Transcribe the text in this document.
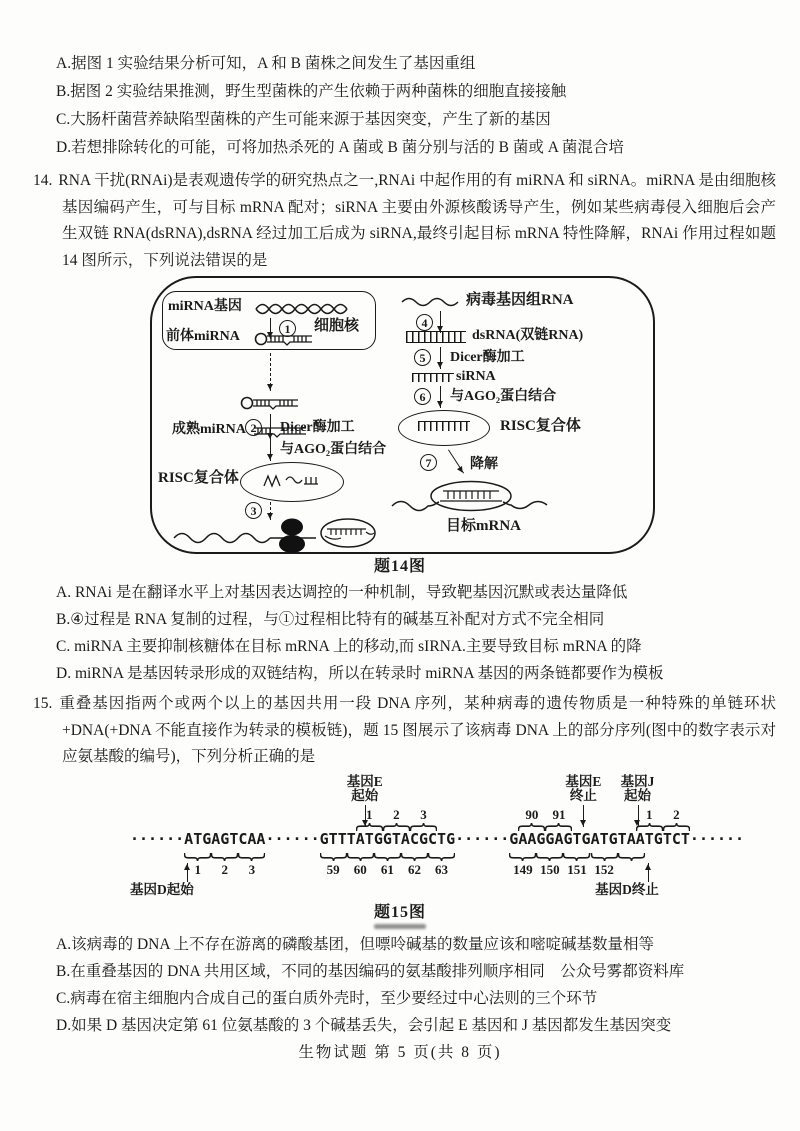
A.据图 1 实验结果分析可知，A 和 B 菌株之间发生了基因重组
B.据图 2 实验结果推测，野生型菌株的产生依赖于两种菌株的细胞直接接触
C.大肠杆菌营养缺陷型菌株的产生可能来源于基因突变，产生了新的基因
D.若想排除转化的可能，可将加热杀死的 A 菌或 B 菌分别与活的 B 菌或 A 菌混合培

14. RNA 干扰(RNAi)是表观遗传学的研究热点之一,RNAi 中起作用的有 miRNA 和 siRNA。miRNA 是由细胞核基因编码产生，可与目标 mRNA 配对；siRNA 主要由外源核酸诱导产生，例如某些病毒侵入细胞后会产生双链 RNA(dsRNA),dsRNA 经过加工后成为 siRNA,最终引起目标 mRNA 特性降解，RNAi 作用过程如题 14 图所示，下列说法错误的是

miRNA基因
1	细胞核
前体miRNA
2	Dicer酶加工
成熟miRNA
与AGO₂蛋白结合
RISC复合体
3
病毒基因组RNA
4
dsRNA(双链RNA)
5	Dicer酶加工
siRNA
6	与AGO₂蛋白结合
RISC复合体
7	降解
目标mRNA
题14图
A. RNAi 是在翻译水平上对基因表达调控的一种机制，导致靶基因沉默或表达量降低
B.④过程是 RNA 复制的过程，与①过程相比特有的碱基互补配对方式不完全相同
C. miRNA 主要抑制核糖体在目标 mRNA 上的移动,而 sIRNA.主要导致目标 mRNA 的降
D. miRNA 是基因转录形成的双链结构，所以在转录时 miRNA 基因的两条链都要作为模板

15. 重叠基因指两个或两个以上的基因共用一段 DNA 序列，某种病毒的遗传物质是一种特殊的单链环状+DNA(+DNA 不能直接作为转录的模板链)，题 15 图展示了该病毒 DNA 上的部分序列(图中的数字表示对应氨基酸的编号)，下列分析正确的是

······ATGAGTCAA······GTTTATGGTACGCTG······GAAGGAGTGATGTAATGTCT······
1 2 3	90 91	1 2
1 2 3	59 60 61 62 63	149 150 151 152
基因E
起始
基因E
终止
基因J
起始
基因D起始	基因D终止
题15图
A.该病毒的 DNA 上不存在游离的磷酸基团，但嘌呤碱基的数量应该和嘧啶碱基数量相等
B.在重叠基因的 DNA 共用区域，不同的基因编码的氨基酸排列顺序相同　公众号雾都资料库
C.病毒在宿主细胞内合成自己的蛋白质外壳时，至少要经过中心法则的三个环节
D.如果 D 基因决定第 61 位氨基酸的 3 个碱基丢失，会引起 E 基因和 J 基因都发生基因突变
生物试题 第 5 页(共 8 页)
